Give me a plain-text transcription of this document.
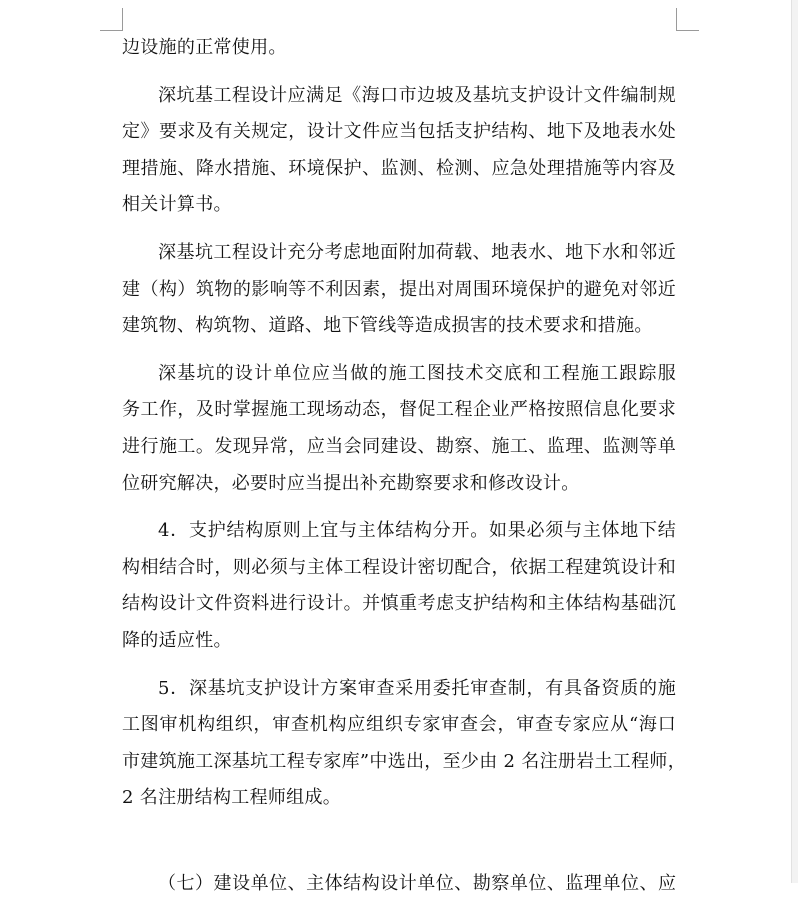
边设施的正常使用。
深坑基工程设计应满足《海口市边坡及基坑支护设计文件编制规
定》要求及有关规定，设计文件应当包括支护结构、地下及地表水处
理措施、降水措施、环境保护、监测、检测、应急处理措施等内容及
相关计算书。
深基坑工程设计充分考虑地面附加荷载、地表水、地下水和邻近
建（构）筑物的影响等不利因素，提出对周围环境保护的避免对邻近
建筑物、构筑物、道路、地下管线等造成损害的技术要求和措施。
深基坑的设计单位应当做的施工图技术交底和工程施工跟踪服
务工作，及时掌握施工现场动态，督促工程企业严格按照信息化要求
进行施工。发现异常，应当会同建设、勘察、施工、监理、监测等单
位研究解决，必要时应当提出补充勘察要求和修改设计。
4．支护结构原则上宜与主体结构分开。如果必须与主体地下结
构相结合时，则必须与主体工程设计密切配合，依据工程建筑设计和
结构设计文件资料进行设计。并慎重考虑支护结构和主体结构基础沉
降的适应性。
5．深基坑支护设计方案审查采用委托审查制，有具备资质的施
工图审机构组织，审查机构应组织专家审查会，审查专家应从“海口
市建筑施工深基坑工程专家库”中选出，至少由 2 名注册岩土工程师，
2 名注册结构工程师组成。
（七）建设单位、主体结构设计单位、勘察单位、监理单位、应
